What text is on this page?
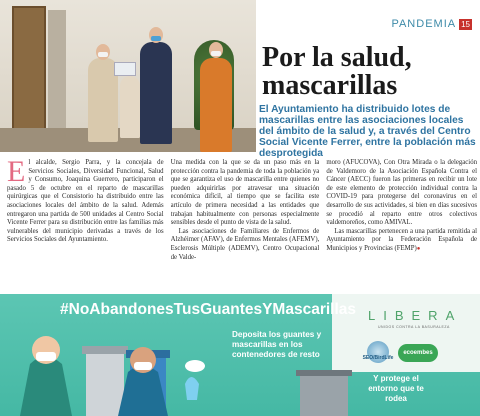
PANDEMIA 15
Por la salud,
mascarillas
El Ayuntamiento ha distribuido lotes de mascarillas entre las asociaciones locales del ámbito de la salud y, a través del Centro Social Vicente Ferrer, entre la población más desprotegida
E l alcalde, Sergio Parra, y la concejala de Servicios Sociales, Diversidad Funcional, Salud y Consumo, Joaquina Guerrero, participaron el pasado 5 de octubre en el reparto de mascarillas quirúrgicas que el Consistorio ha distribuido entre las asociaciones locales del ámbito de la salud. Además entregaron una partida de 500 unidades al Centro Social Vicente Ferrer para su distribución entre las familias más vulnerables del municipio derivadas a través de los Servicios Sociales del Ayuntamiento.

Una medida con la que se da un paso más en la protección contra la pandemia de toda la población ya que se garantiza el uso de mascarilla entre quienes no pueden adquirirlas por atravesar una situación económica difícil, al tiempo que se facilita este artículo de primera necesidad a las entidades que trabajan habitualmente con personas especialmente sensibles desde el punto de vista de la salud.

Las asociaciones de Familiares de Enfermos de Alzhéimer (AFAV), de Enfermos Mentales (AFEMV), Esclerosis Múltiple (ADEMV), Centro Ocupacional de Valde-

moro (AFUCOVA), Con Otra Mirada o la delegación de Valdemoro de la Asociación Española Contra el Cáncer (AECC) fueron las primeras en recibir un lote de este elemento de protección individual contra la COVID-19 para protegerse del coronavirus en el desarrollo de sus actividades, si bien en días sucesivos se procedió al reparto entre otros colectivos valdemoreños, como AMIVAL.

Las mascarillas pertenecen a una partida remitida al Ayuntamiento por la Federación Española de Municipios y Provincias (FEMP)●

#NoAbandonesTusGuantesYMascarillas
Deposita los guantes y mascarillas en los contenedores de resto
Y protege el entorno que te rodea
LIBERA
UNIDOS CONTRA LA BASURALEZA
SEO/BirdLife
ecoembes
